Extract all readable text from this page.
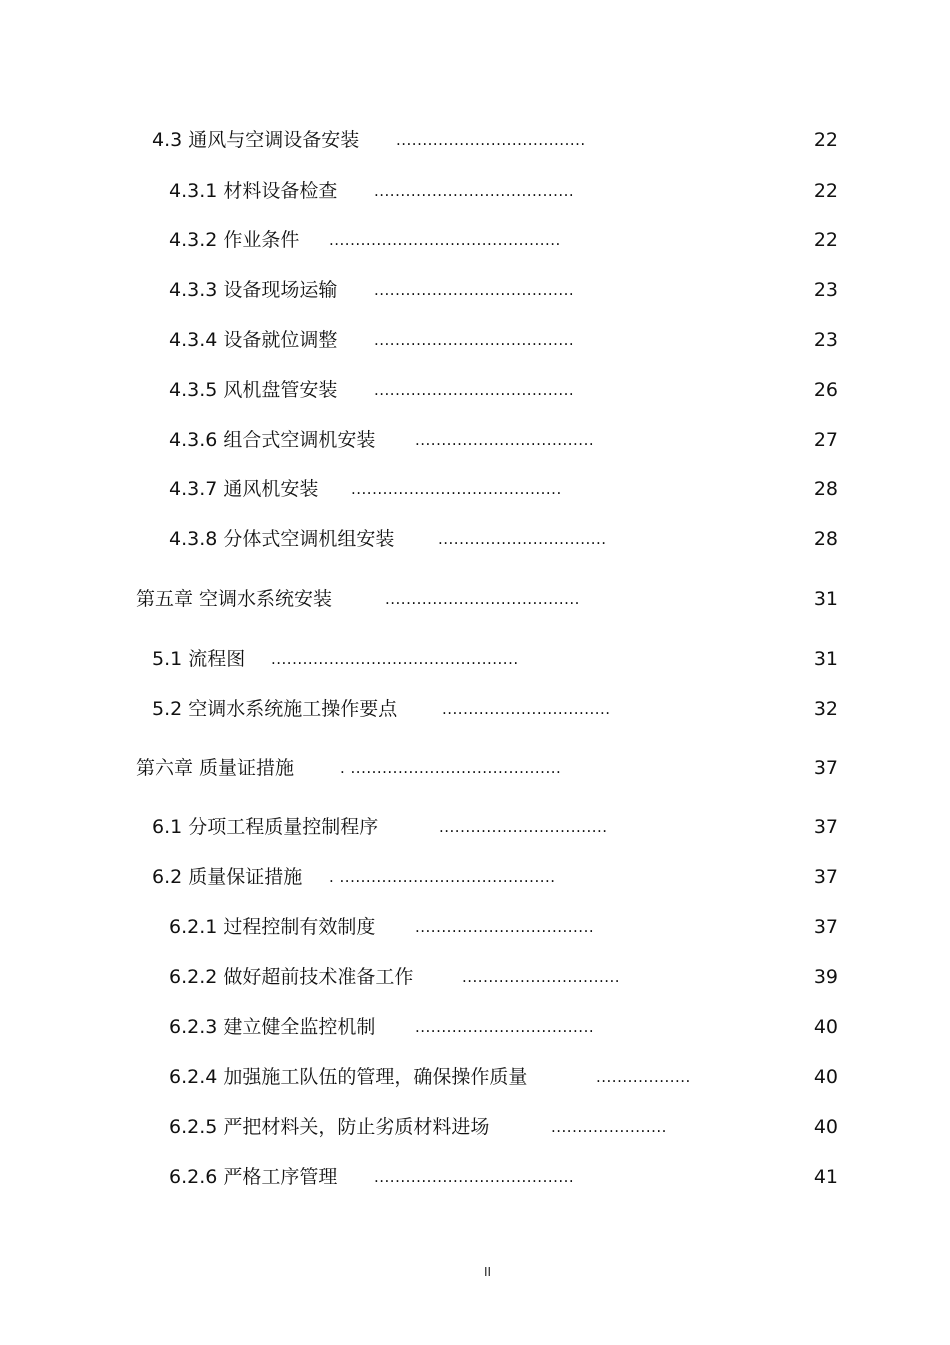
4.3 通风与空调设备安装 ....................................	22
4.3.1 材料设备检查 ......................................	22
4.3.2 作业条件 ............................................	22
4.3.3 设备现场运输 ......................................	23
4.3.4 设备就位调整 ......................................	23
4.3.5 风机盘管安装 ......................................	26
4.3.6 组合式空调机安装	..................................	27
4.3.7 通风机安装 ........................................	28
4.3.8 分体式空调机组安装	................................	28
第五章 空调水系统安装	.....................................	31
5.1 流程图 ...............................................	31
5.2 空调水系统施工操作要点	................................	32
第六章 质量证措施	. ........................................	37
6.1 分项工程质量控制程序	................................	37
6.2 质量保证措施 . .........................................	37
6.2.1 过程控制有效制度	..................................	37
6.2.2 做好超前技术准备工作	..............................	39
6.2.3 建立健全监控机制	..................................	40
6.2.4 加强施工队伍的管理，确保操作质量	..................	40
6.2.5 严把材料关，防止劣质材料进场	......................	40
6.2.6 严格工序管理 ......................................	41
II
